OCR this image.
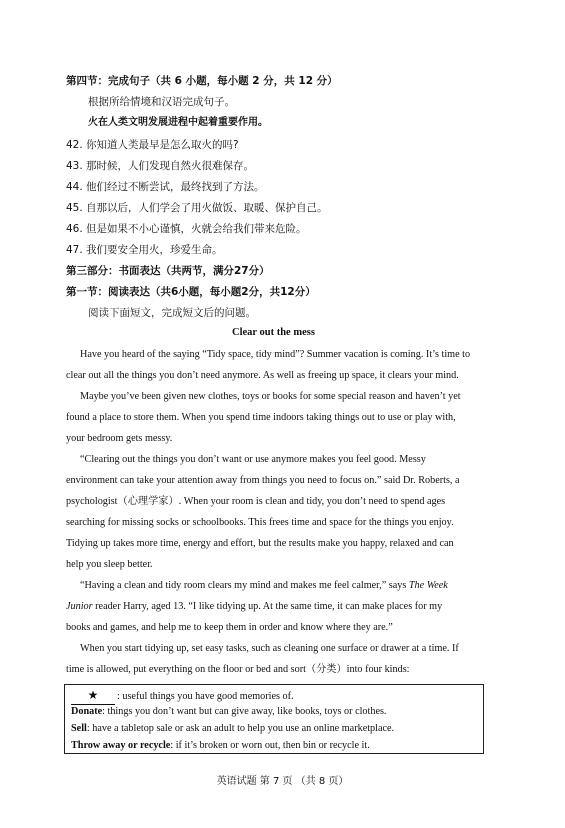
第四节：完成句子（共 6 小题，每小题 2 分，共 12 分）
根据所给情境和汉语完成句子。
火在人类文明发展进程中起着重要作用。
42. 你知道人类最早是怎么取火的吗?
43. 那时候，人们发现自然火很难保存。
44. 他们经过不断尝试，最终找到了方法。
45. 自那以后，人们学会了用火做饭、取暖、保护自己。
46. 但是如果不小心谨慎，火就会给我们带来危险。
47. 我们要安全用火，珍爱生命。
第三部分：书面表达（共两节，满分27分）
第一节：阅读表达（共6小题，每小题2分，共12分）
阅读下面短文，完成短文后的问题。
Clear out the mess
Have you heard of the saying “Tidy space, tidy mind”? Summer vacation is coming. It’s time to
clear out all the things you don’t need anymore. As well as freeing up space, it clears your mind.
Maybe you’ve been given new clothes, toys or books for some special reason and haven’t yet
found a place to store them. When you spend time indoors taking things out to use or play with,
your bedroom gets messy.
“Clearing out the things you don’t want or use anymore makes you feel good. Messy
environment can take your attention away from things you need to focus on.” said Dr. Roberts, a
psychologist（心理学家）. When your room is clean and tidy, you don’t need to spend ages
searching for missing socks or schoolbooks. This frees time and space for the things you enjoy.
Tidying up takes more time, energy and effort, but the results make you happy, relaxed and can
help you sleep better.
“Having a clean and tidy room clears my mind and makes me feel calmer,” says The Week
Junior reader Harry, aged 13. “I like tidying up. At the same time, it can make places for my
books and games, and help me to keep them in order and know where they are.”
When you start tidying up, set easy tasks, such as cleaning one surface or drawer at a time. If
time is allowed, put everything on the floor or bed and sort（分类）into four kinds:
★ : useful things you have good memories of.
Donate: things you don’t want but can give away, like books, toys or clothes.
Sell: have a tabletop sale or ask an adult to help you use an online marketplace.
Throw away or recycle: if it’s broken or worn out, then bin or recycle it.
英语试题 第 7 页 （共 8 页）
